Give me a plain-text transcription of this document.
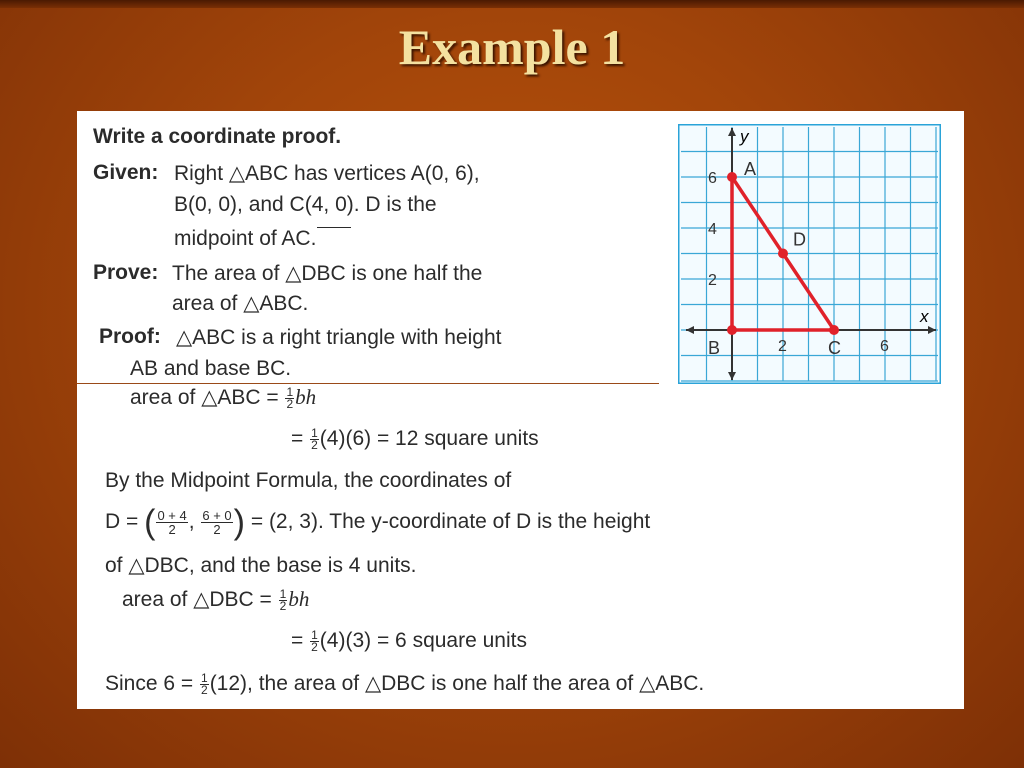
Example 1
Write a coordinate proof.
Given: Right △ABC has vertices A(0, 6),
B(0, 0), and C(4, 0). D is the
midpoint of AC.
Prove: The area of △DBC is one half the
area of △ABC.
Proof: △ABC is a right triangle with height
AB and base BC.
area of △ABC = $\frac{1}{2}$ bh
= $\frac{1}{2} (4)(6) = 12$ square units
By the Midpoint Formula, the coordinates of
D = ( $\frac{0 + 4}{2}$ , $\frac{6 + 0}{2}$ ) = (2, 3). The y-coordinate of D is the height
of △DBC, and the base is 4 units.
area of △DBC = $\frac{1}{2}$ bh
= $\frac{1}{2} (4)(3) = 6$ square units
Since $6 = \frac{1}{2} (12)$, the area of △DBC is one half the area of △ABC.
x
y
2	6
6
4
2
A
B	C
D
